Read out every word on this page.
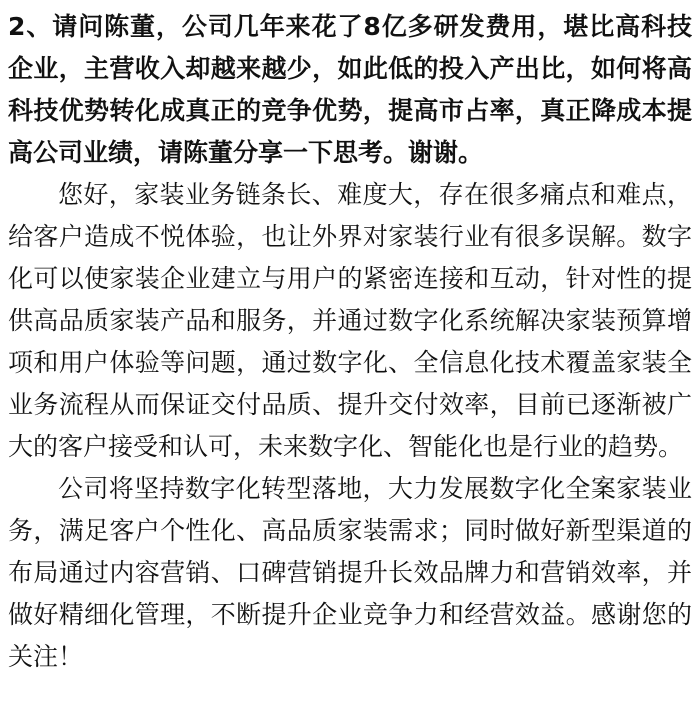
2、请问陈董，公司几年来花了8亿多研发费用，堪比高科技企业，主营收入却越来越少，如此低的投入产出比，如何将高科技优势转化成真正的竞争优势，提高市占率，真正降成本提高公司业绩，请陈董分享一下思考。谢谢。

您好，家装业务链条长、难度大，存在很多痛点和难点，给客户造成不悦体验，也让外界对家装行业有很多误解。数字化可以使家装企业建立与用户的紧密连接和互动，针对性的提供高品质家装产品和服务，并通过数字化系统解决家装预算增项和用户体验等问题，通过数字化、全信息化技术覆盖家装全业务流程从而保证交付品质、提升交付效率，目前已逐渐被广大的客户接受和认可，未来数字化、智能化也是行业的趋势。

公司将坚持数字化转型落地，大力发展数字化全案家装业务，满足客户个性化、高品质家装需求；同时做好新型渠道的布局通过内容营销、口碑营销提升长效品牌力和营销效率，并做好精细化管理，不断提升企业竞争力和经营效益。感谢您的关注！
